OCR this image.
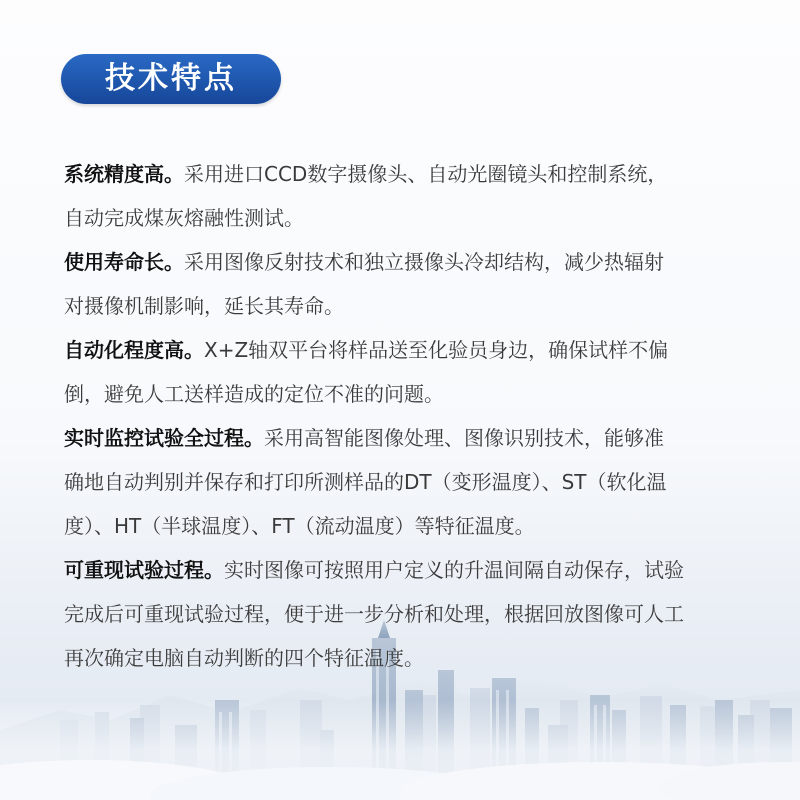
技术特点

系统精度高。采用进口CCD数字摄像头、自动光圈镜头和控制系统，
自动完成煤灰熔融性测试。

使用寿命长。采用图像反射技术和独立摄像头冷却结构，减少热辐射
对摄像机制影响，延长其寿命。

自动化程度高。X+Z轴双平台将样品送至化验员身边，确保试样不偏
倒，避免人工送样造成的定位不准的问题。

实时监控试验全过程。采用高智能图像处理、图像识别技术，能够准
确地自动判别并保存和打印所测样品的DT（变形温度）、ST（软化温
度）、HT（半球温度）、FT（流动温度）等特征温度。

可重现试验过程。实时图像可按照用户定义的升温间隔自动保存，试验
完成后可重现试验过程，便于进一步分析和处理，根据回放图像可人工
再次确定电脑自动判断的四个特征温度。
